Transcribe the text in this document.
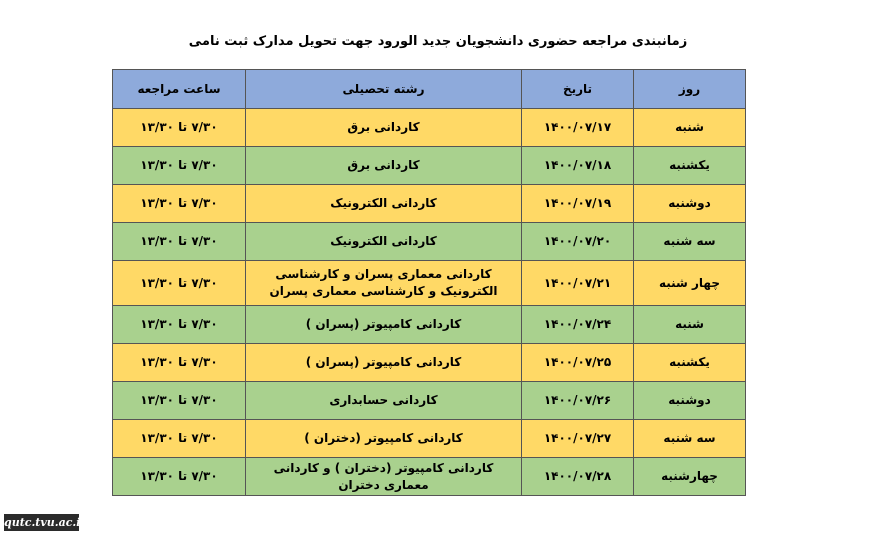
زمانبندی مراجعه حضوری دانشجویان جدید الورود جهت تحویل مدارک ثبت نامی
روز	تاریخ	رشته تحصیلی	ساعت مراجعه
شنبه	۱۴۰۰/۰۷/۱۷	کاردانی برق	۷/۳۰ تا ۱۳/۳۰
یکشنبه	۱۴۰۰/۰۷/۱۸	کاردانی برق	۷/۳۰ تا ۱۳/۳۰
دوشنبه	۱۴۰۰/۰۷/۱۹	کاردانی الکترونیک	۷/۳۰ تا ۱۳/۳۰
سه شنبه	۱۴۰۰/۰۷/۲۰	کاردانی الکترونیک	۷/۳۰ تا ۱۳/۳۰
چهار شنبه	۱۴۰۰/۰۷/۲۱	کاردانی معماری پسران و کارشناسی الکترونیک و کارشناسی معماری پسران	۷/۳۰ تا ۱۳/۳۰
شنبه	۱۴۰۰/۰۷/۲۴	کاردانی کامپیوتر (پسران )	۷/۳۰ تا ۱۳/۳۰
یکشنبه	۱۴۰۰/۰۷/۲۵	کاردانی کامپیوتر (پسران )	۷/۳۰ تا ۱۳/۳۰
دوشنبه	۱۴۰۰/۰۷/۲۶	کاردانی حسابداری	۷/۳۰ تا ۱۳/۳۰
سه شنبه	۱۴۰۰/۰۷/۲۷	کاردانی کامپیوتر (دختران )	۷/۳۰ تا ۱۳/۳۰
چهارشنبه	۱۴۰۰/۰۷/۲۸	کاردانی کامپیوتر (دختران ) و کاردانی معماری دختران	۷/۳۰ تا ۱۳/۳۰
qutc.tvu.ac.ir
